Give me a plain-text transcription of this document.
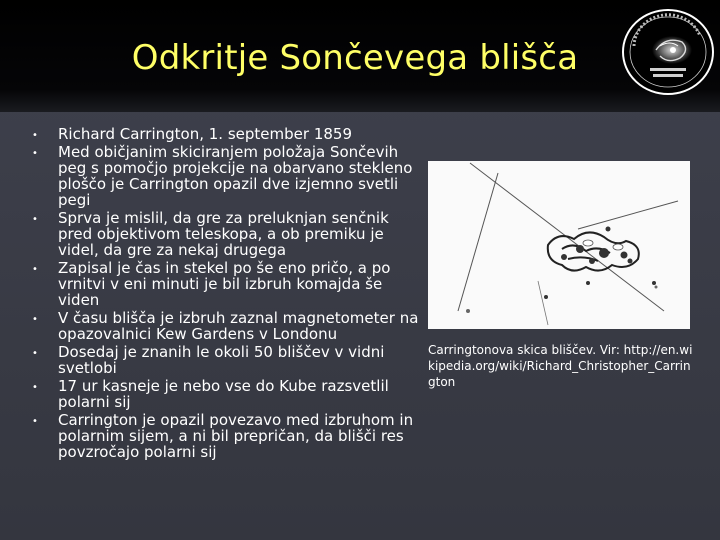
Odkritje Sončevega blišča
• Richard Carrington, 1. september 1859
• Med običjanim skiciranjem položaja Sončevih peg s pomočjo projekcije na obarvano stekleno ploščo je Carrington opazil dve izjemno svetli pegi
• Sprva je mislil, da gre za preluknjan senčnik pred objektivom teleskopa, a ob premiku je videl, da gre za nekaj drugega
• Zapisal je čas in stekel po še eno pričo, a po vrnitvi v eni minuti je bil izbruh komajda še viden
• V času blišča je izbruh zaznal magnetometer na opazovalnici Kew Gardens v Londonu
• Dosedaj je znanih le okoli 50 bliščev v vidni svetlobi
• 17 ur kasneje je nebo vse do Kube razsvetlil polarni sij
• Carrington je opazil povezavo med izbruhom in polarnim sijem, a ni bil prepričan, da blišči res povzročajo polarni sij
Carringtonova skica bliščev. Vir: http://en.wikipedia.org/wiki/Richard_Christopher_Carrington
